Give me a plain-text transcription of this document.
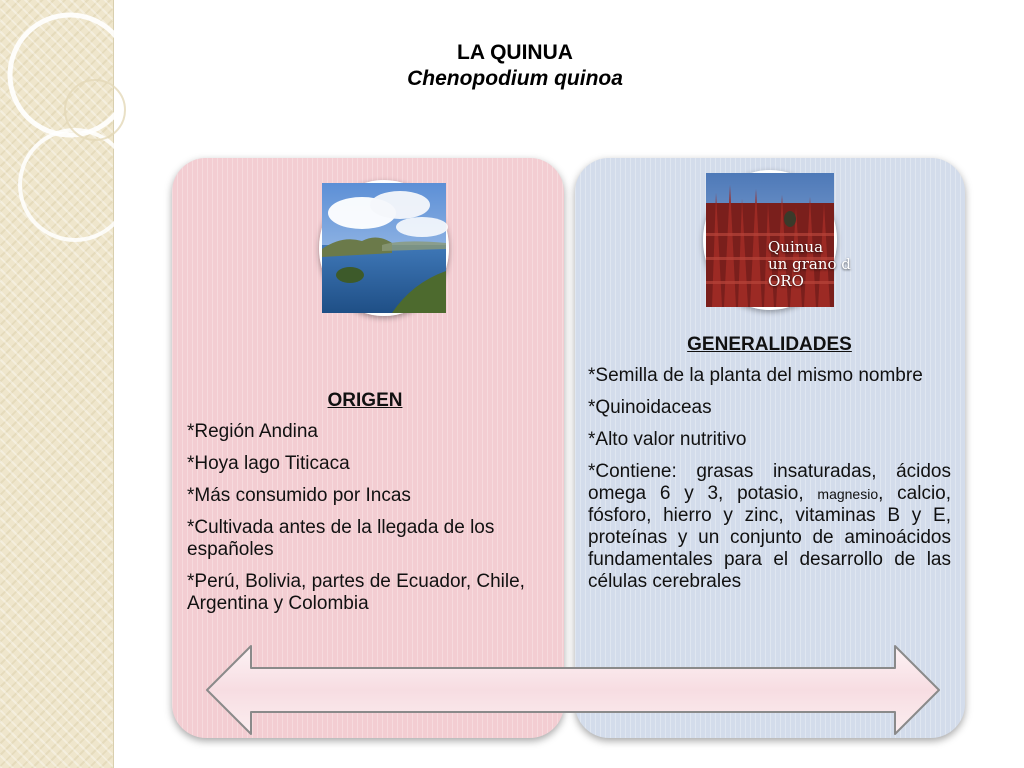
LA QUINUA
Chenopodium quinoa
Quinua
un grano d
ORO
ORIGEN
*Región Andina
*Hoya lago Titicaca
*Más consumido por Incas
*Cultivada antes de la llegada de los españoles
*Perú, Bolivia, partes de Ecuador, Chile, Argentina y Colombia
GENERALIDADES
*Semilla de la planta del mismo nombre
*Quinoidaceas
*Alto valor nutritivo
*Contiene: grasas insaturadas, ácidos omega 6 y 3, potasio, magnesio, calcio, fósforo, hierro y zinc, vitaminas B y E, proteínas y un conjunto de aminoácidos fundamentales para el desarrollo de las células cerebrales
